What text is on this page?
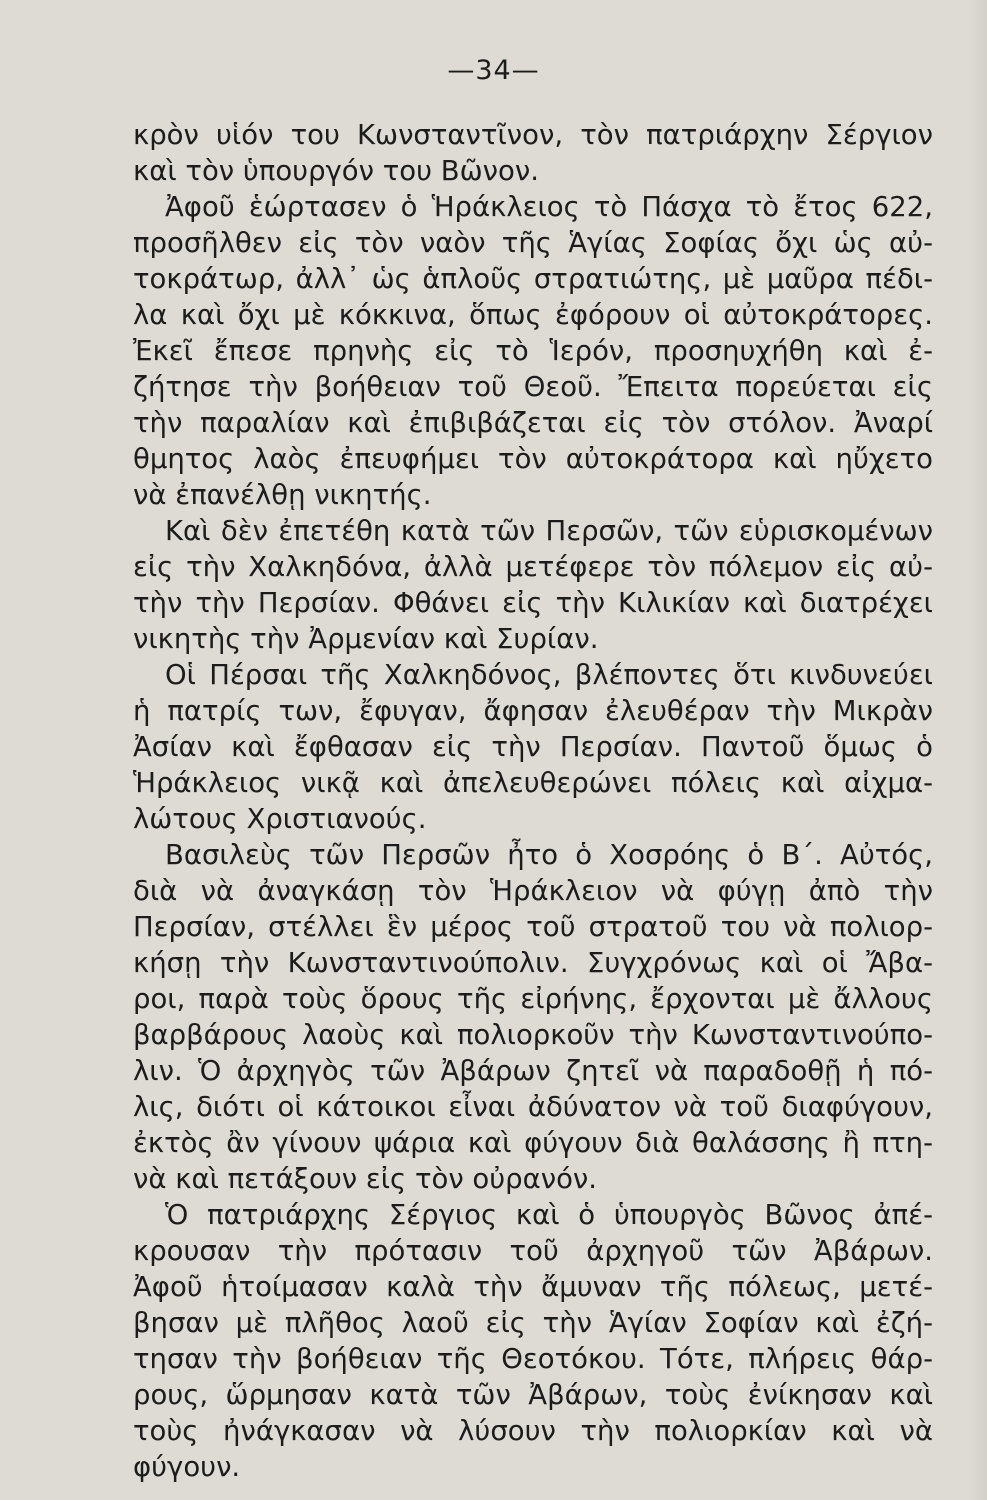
—34—
κρὸν υἱόν του Κωνσταντῖνον, τὸν πατριάρχην Σέργιον
καὶ τὸν ὑπουργόν του Βῶνον.
Ἀφοῦ ἑώρτασεν ὁ Ἡράκλειος τὸ Πάσχα τὸ ἔτος 622,
προσῆλθεν εἰς τὸν ναὸν τῆς Ἁγίας Σοφίας ὄχι ὡς αὐ-
τοκράτωρ, ἀλλ᾽ ὡς ἁπλοῦς στρατιώτης, μὲ μαῦρα πέδι-
λα καὶ ὄχι μὲ κόκκινα, ὅπως ἐφόρουν οἱ αὐτοκράτορες.
Ἐκεῖ ἔπεσε πρηνὴς εἰς τὸ Ἱερόν, προσηυχήθη καὶ ἐ-
ζήτησε τὴν βοήθειαν τοῦ Θεοῦ. Ἔπειτα πορεύεται εἰς
τὴν παραλίαν καὶ ἐπιβιβάζεται εἰς τὸν στόλον. Ἀναρί
θμητος λαὸς ἐπευφήμει τὸν αὐτοκράτορα καὶ ηὔχετο
νὰ ἐπανέλθῃ νικητής.
Καὶ δὲν ἐπετέθη κατὰ τῶν Περσῶν, τῶν εὑρισκομένων
εἰς τὴν Χαλκηδόνα, ἀλλὰ μετέφερε τὸν πόλεμον εἰς αὐ-
τὴν τὴν Περσίαν. Φθάνει εἰς τὴν Κιλικίαν καὶ διατρέχει
νικητὴς τὴν Ἀρμενίαν καὶ Συρίαν.
Οἱ Πέρσαι τῆς Χαλκηδόνος, βλέποντες ὅτι κινδυνεύει
ἡ πατρίς των, ἔφυγαν, ἄφησαν ἐλευθέραν τὴν Μικρὰν
Ἀσίαν καὶ ἔφθασαν εἰς τὴν Περσίαν. Παντοῦ ὅμως ὁ
Ἡράκλειος νικᾷ καὶ ἀπελευθερώνει πόλεις καὶ αἰχμα-
λώτους Χριστιανούς.
Βασιλεὺς τῶν Περσῶν ἦτο ὁ Χοσρόης ὁ Β΄. Αὐτός,
διὰ νὰ ἀναγκάσῃ τὸν Ἡράκλειον νὰ φύγῃ ἀπὸ τὴν
Περσίαν, στέλλει ἓν μέρος τοῦ στρατοῦ του νὰ πολιορ-
κήσῃ τὴν Κωνσταντινούπολιν. Συγχρόνως καὶ οἱ Ἄβα-
ροι, παρὰ τοὺς ὅρους τῆς εἰρήνης, ἔρχονται μὲ ἄλλους
βαρβάρους λαοὺς καὶ πολιορκοῦν τὴν Κωνσταντινούπο-
λιν. Ὁ ἀρχηγὸς τῶν Ἀβάρων ζητεῖ νὰ παραδοθῇ ἡ πό-
λις, διότι οἱ κάτοικοι εἶναι ἀδύνατον νὰ τοῦ διαφύγουν,
ἐκτὸς ἂν γίνουν ψάρια καὶ φύγουν διὰ θαλάσσης ἢ πτη-
νὰ καὶ πετάξουν εἰς τὸν οὐρανόν.
Ὁ πατριάρχης Σέργιος καὶ ὁ ὑπουργὸς Βῶνος ἀπέ-
κρουσαν τὴν πρότασιν τοῦ ἀρχηγοῦ τῶν Ἀβάρων.
Ἀφοῦ ἡτοίμασαν καλὰ τὴν ἄμυναν τῆς πόλεως, μετέ-
βησαν μὲ πλῆθος λαοῦ εἰς τὴν Ἁγίαν Σοφίαν καὶ ἐζή-
τησαν τὴν βοήθειαν τῆς Θεοτόκου. Τότε, πλήρεις θάρ-
ρους, ὥρμησαν κατὰ τῶν Ἀβάρων, τοὺς ἐνίκησαν καὶ
τοὺς ἠνάγκασαν νὰ λύσουν τὴν πολιορκίαν καὶ νὰ
φύγουν.
